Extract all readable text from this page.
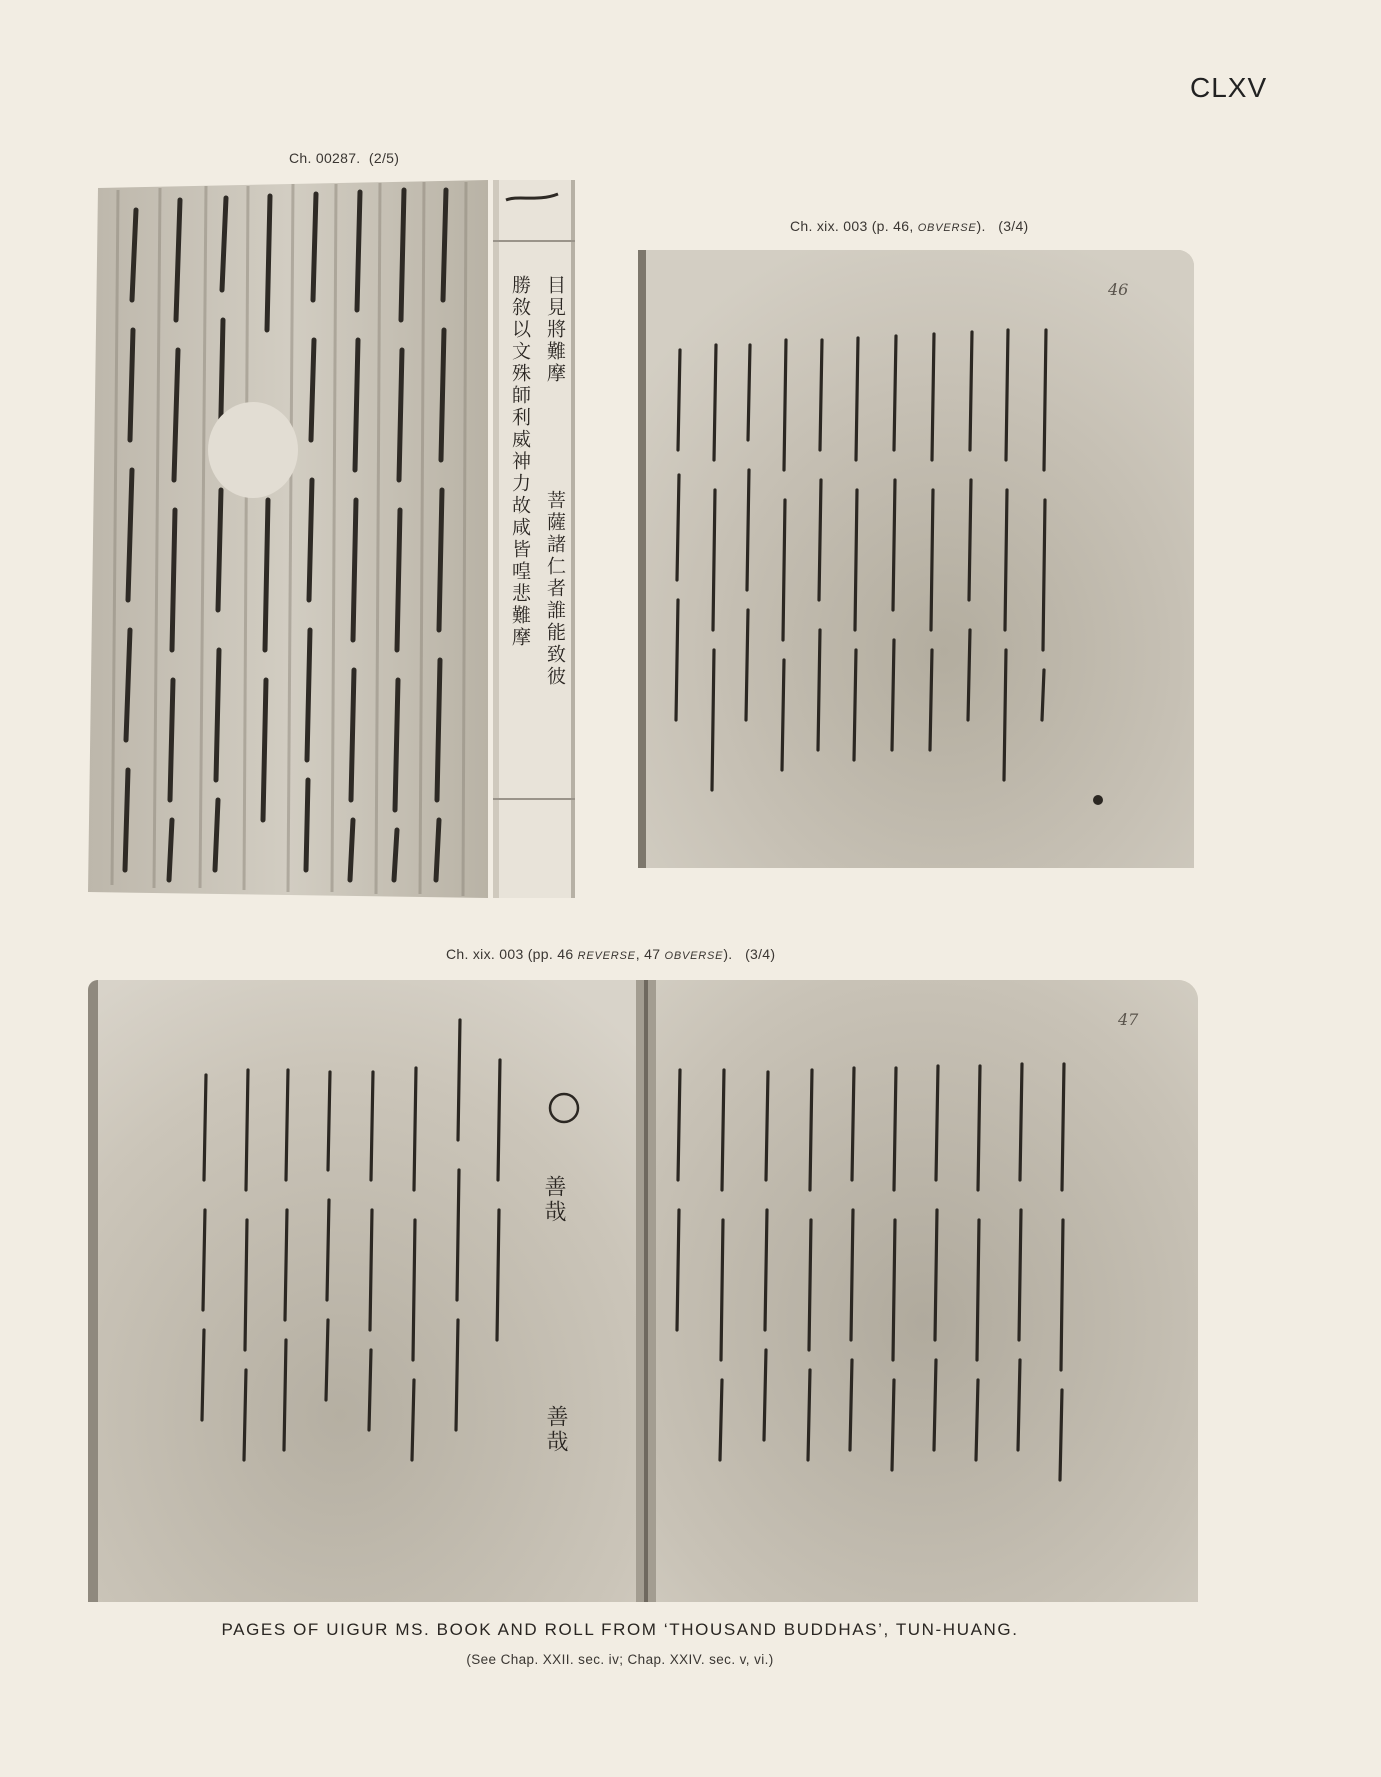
CLXV
Ch. 00287. (2/5)
目見將難摩
菩薩諸仁者誰能致彼
勝敘以文殊師利威神力故咸皆喤悲難摩
Ch. xix. 003 (p. 46, OBVERSE). (3/4)
46
Ch. xix. 003 (pp. 46 REVERSE, 47 OBVERSE). (3/4)
47
善哉
善哉
PAGES OF UIGUR MS. BOOK AND ROLL FROM ‘THOUSAND BUDDHAS’, TUN-HUANG.
(See Chap. XXII. sec. iv; Chap. XXIV. sec. v, vi.)
